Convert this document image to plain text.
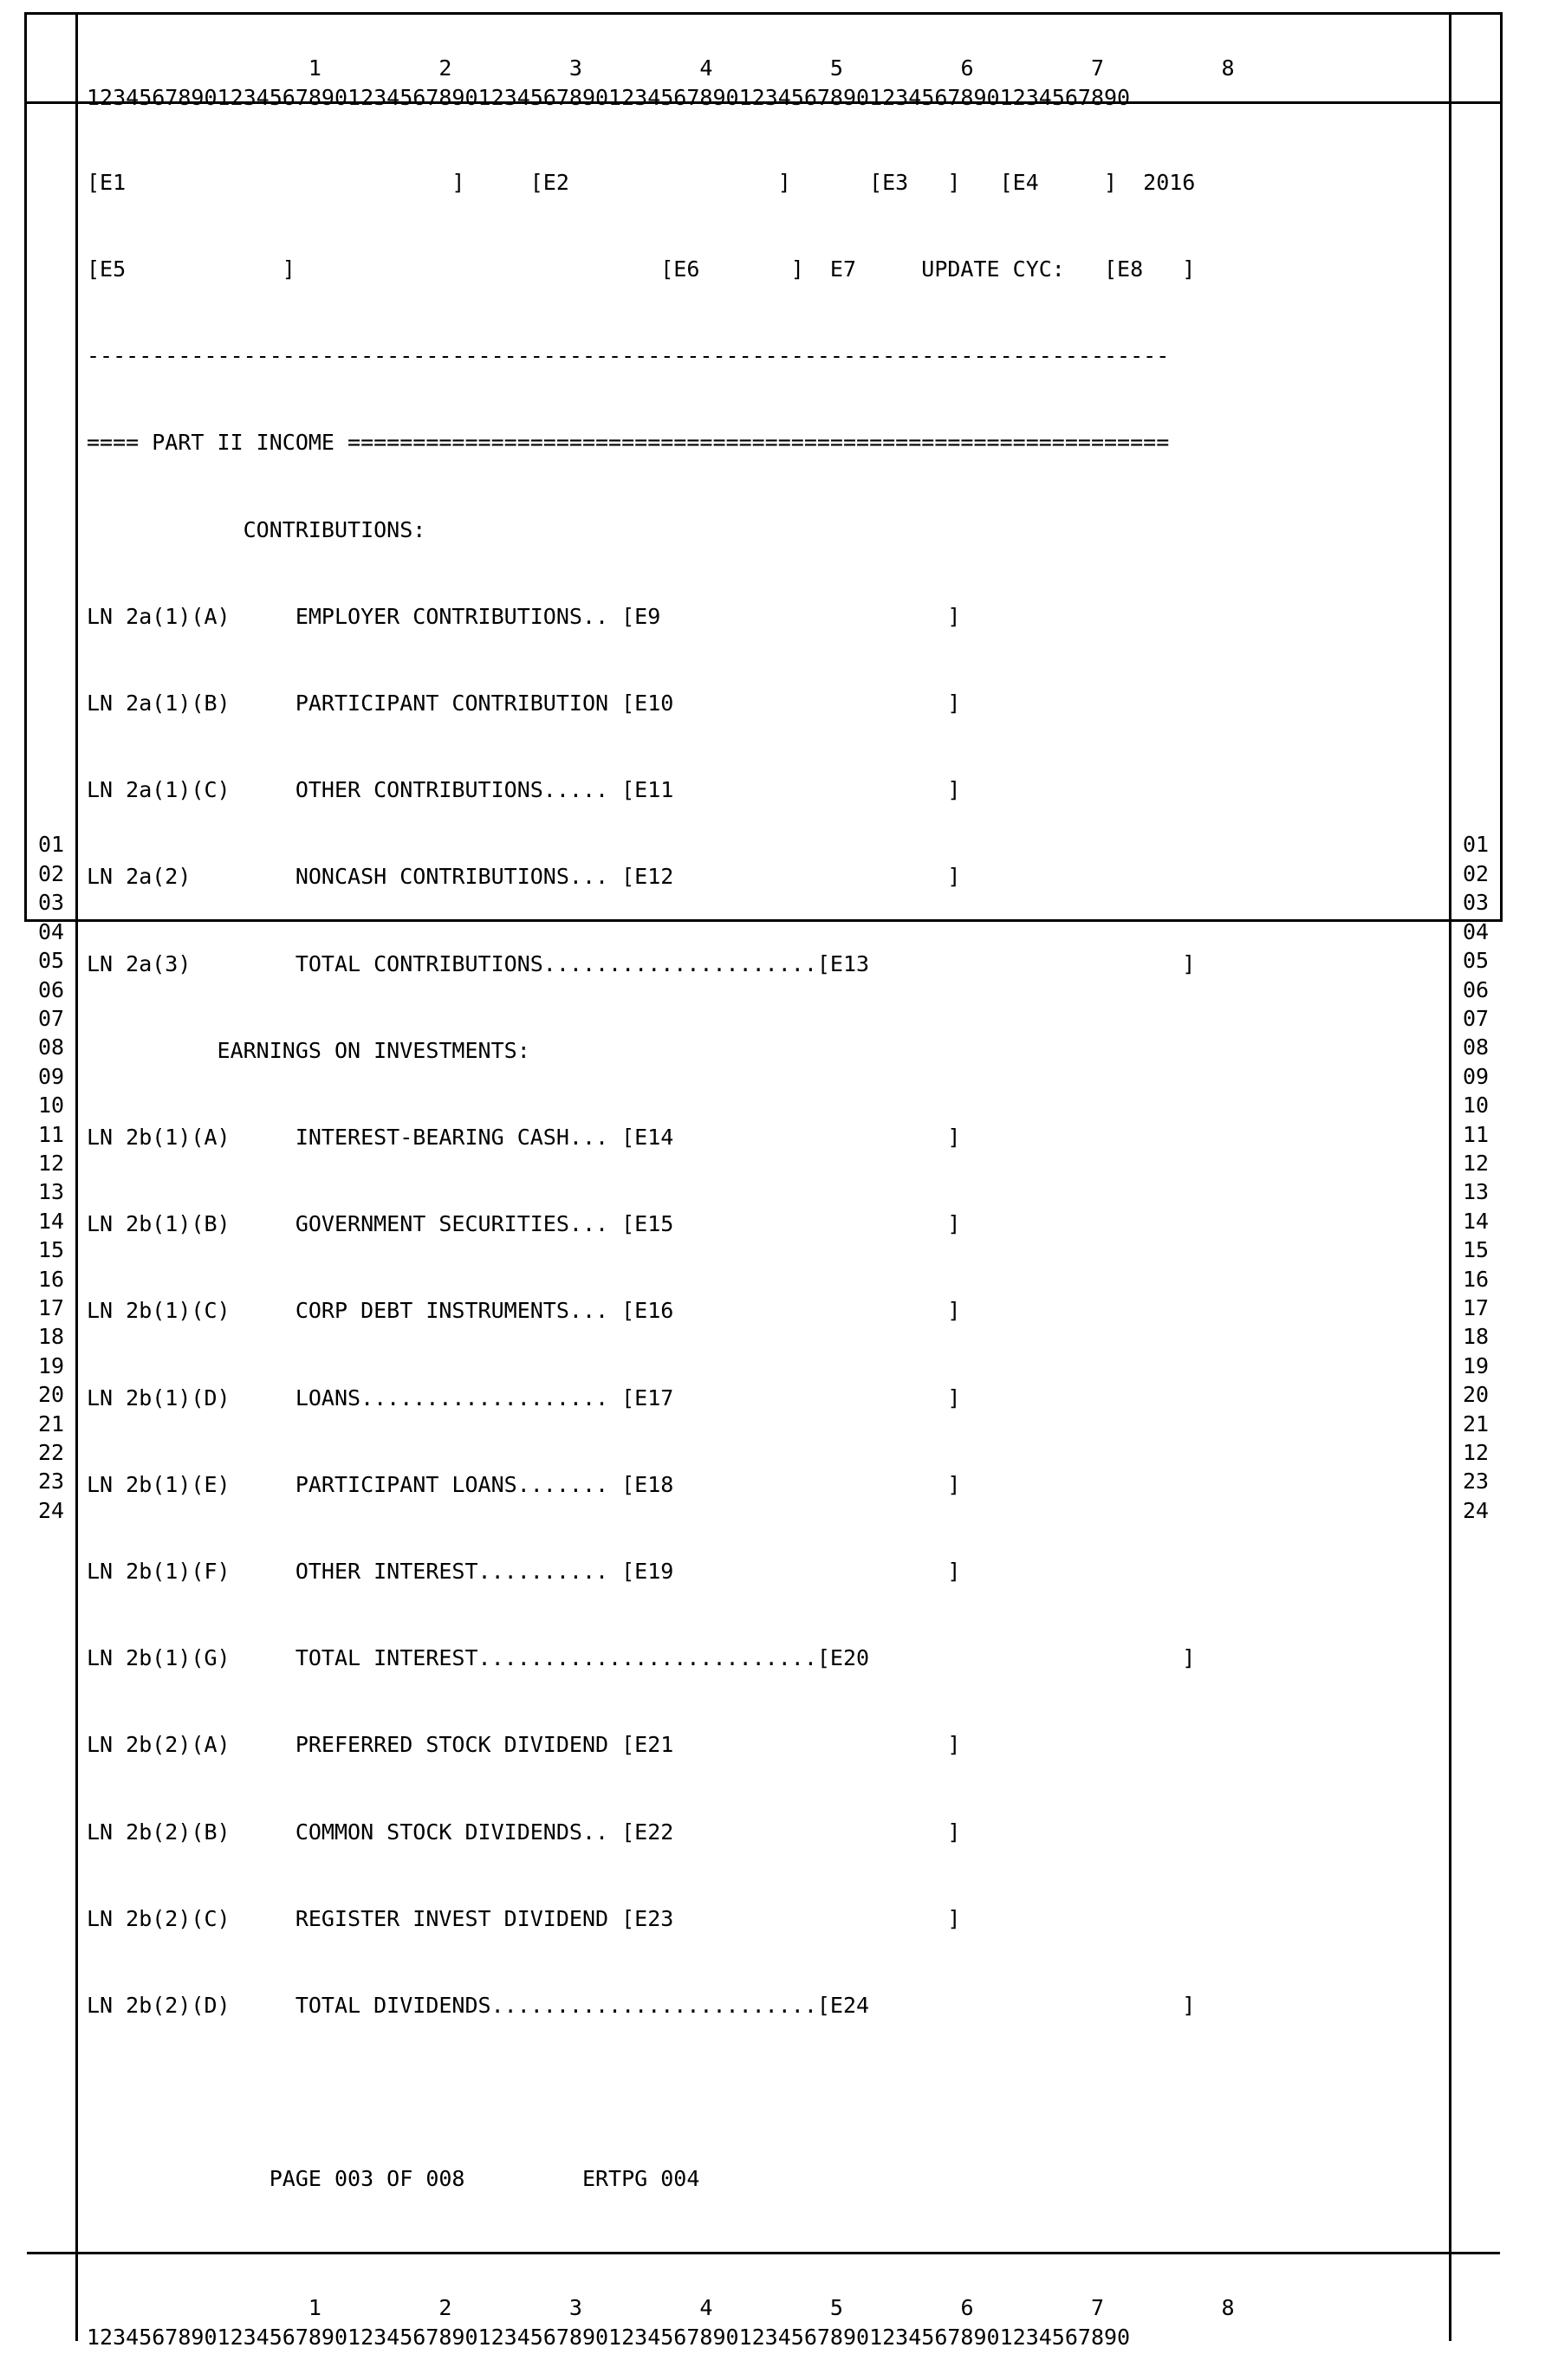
1         2         3         4         5         6         7         8
12345678901234567890123456789012345678901234567890123456789012345678901234567890

01
02
03
04
05
06
07
08
09
10
11
12
13
14
15
16
17
18
19
20
21
22
23
24

[E1                         ]     [E2                ]      [E3   ]   [E4     ]  2016

[E5            ]                            [E6       ]  E7     UPDATE CYC:   [E8   ]

-----------------------------------------------------------------------------------

==== PART II INCOME ===============================================================

CONTRIBUTIONS:

LN 2a(1)(A)     EMPLOYER CONTRIBUTIONS.. [E9                      ]

LN 2a(1)(B)     PARTICIPANT CONTRIBUTION [E10                     ]

LN 2a(1)(C)     OTHER CONTRIBUTIONS..... [E11                     ]

LN 2a(2)        NONCASH CONTRIBUTIONS... [E12                     ]

LN 2a(3)        TOTAL CONTRIBUTIONS.....................[E13                        ]

EARNINGS ON INVESTMENTS:

LN 2b(1)(A)     INTEREST-BEARING CASH... [E14                     ]

LN 2b(1)(B)     GOVERNMENT SECURITIES... [E15                     ]

LN 2b(1)(C)     CORP DEBT INSTRUMENTS... [E16                     ]

LN 2b(1)(D)     LOANS................... [E17                     ]

LN 2b(1)(E)     PARTICIPANT LOANS....... [E18                     ]

LN 2b(1)(F)     OTHER INTEREST.......... [E19                     ]

LN 2b(1)(G)     TOTAL INTEREST..........................[E20                        ]

LN 2b(2)(A)     PREFERRED STOCK DIVIDEND [E21                     ]

LN 2b(2)(B)     COMMON STOCK DIVIDENDS.. [E22                     ]

LN 2b(2)(C)     REGISTER INVEST DIVIDEND [E23                     ]

LN 2b(2)(D)     TOTAL DIVIDENDS.........................[E24                        ]

PAGE 003 OF 008         ERTPG 004

01
02
03
04
05
06
07
08
09
10
11
12
13
14
15
16
17
18
19
20
21
12
23
24

1         2         3         4         5         6         7         8
12345678901234567890123456789012345678901234567890123456789012345678901234567890
